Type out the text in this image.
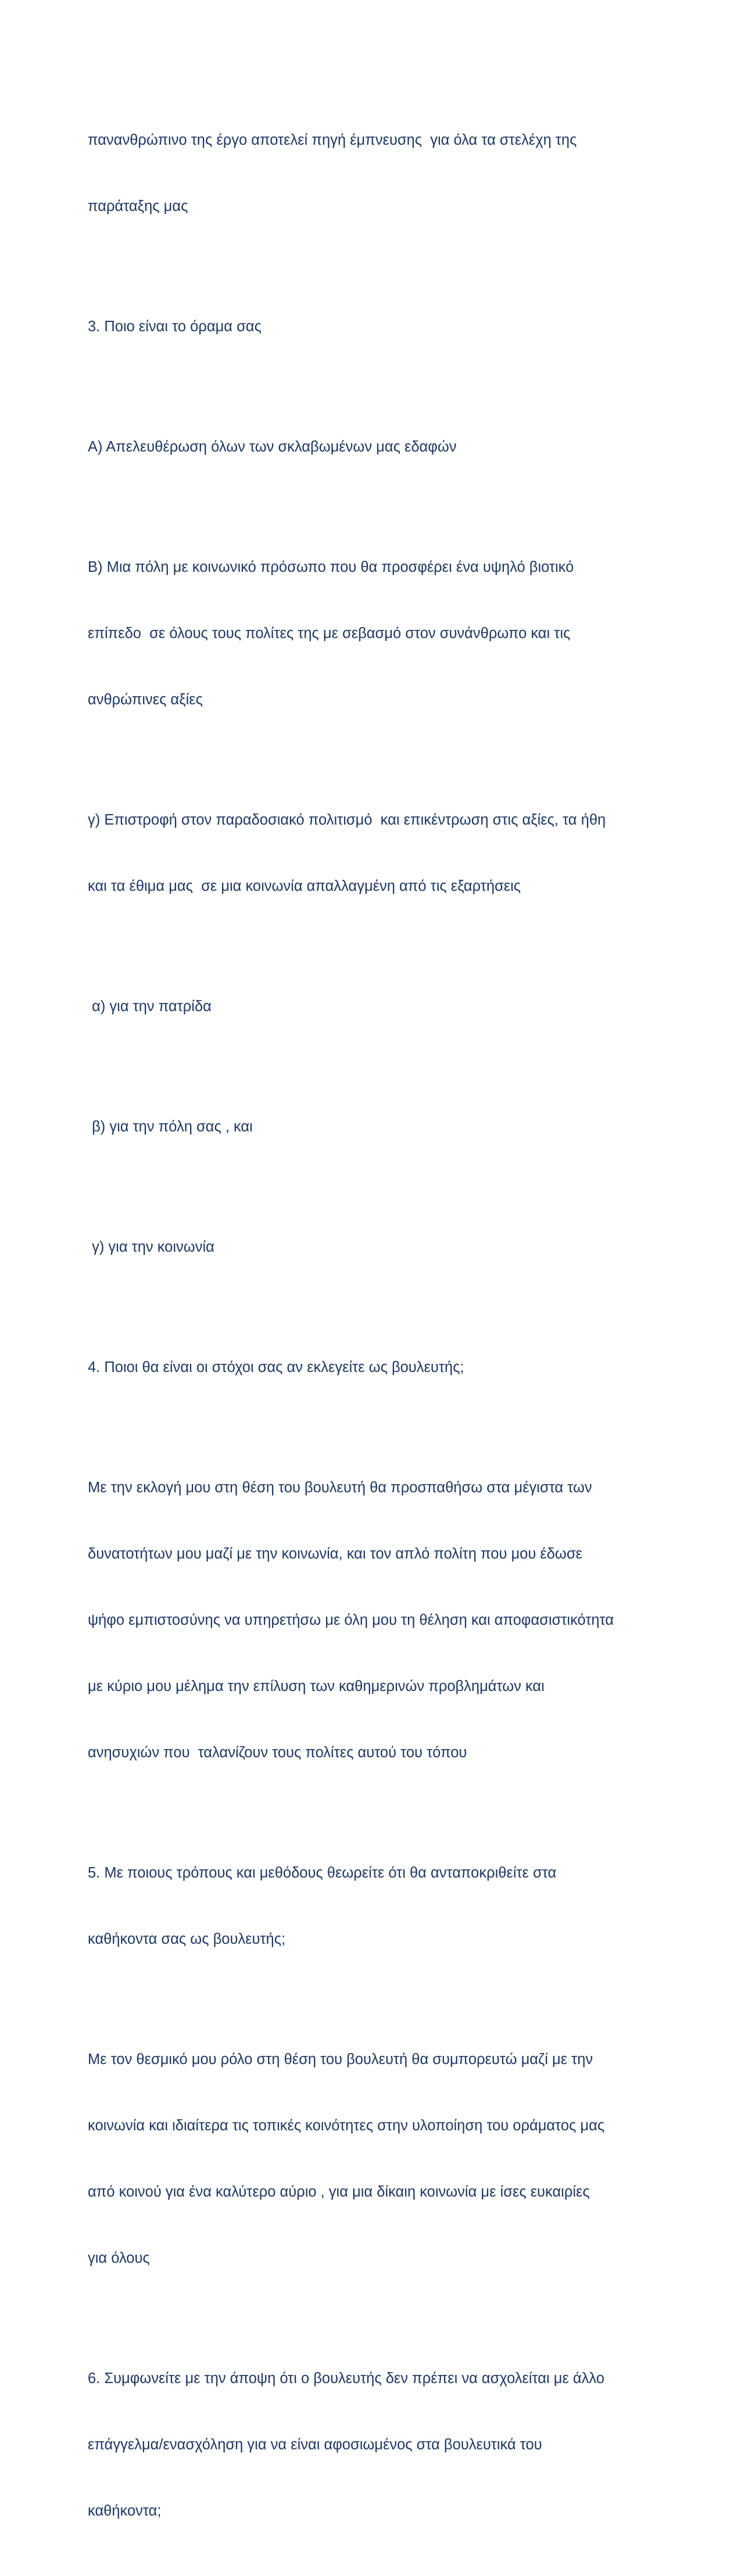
πανανθρώπινο της έργο αποτελεί πηγή έμπνευσης  για όλα τα στελέχη της

παράταξης μας

3. Ποιο είναι το όραμα σας

Α) Απελευθέρωση όλων των σκλαβωμένων μας εδαφών

Β) Μια πόλη με κοινωνικό πρόσωπο που θα προσφέρει ένα υψηλό βιοτικό

επίπεδο  σε όλους τους πολίτες της με σεβασμό στον συνάνθρωπο και τις

ανθρώπινες αξίες

γ) Επιστροφή στον παραδοσιακό πολιτισμό  και επικέντρωση στις αξίες, τα ήθη

και τα έθιμα μας  σε μια κοινωνία απαλλαγμένη από τις εξαρτήσεις

α) για την πατρίδα

β) για την πόλη σας , και

γ) για την κοινωνία

4. Ποιοι θα είναι οι στόχοι σας αν εκλεγείτε ως βουλευτής;

Με την εκλογή μου στη θέση του βουλευτή θα προσπαθήσω στα μέγιστα των

δυνατοτήτων μου μαζί με την κοινωνία, και τον απλό πολίτη που μου έδωσε

ψήφο εμπιστοσύνης να υπηρετήσω με όλη μου τη θέληση και αποφασιστικότητα

με κύριο μου μέλημα την επίλυση των καθημερινών προβλημάτων και

ανησυχιών που  ταλανίζουν τους πολίτες αυτού του τόπου

5. Με ποιους τρόπους και μεθόδους θεωρείτε ότι θα ανταποκριθείτε στα

καθήκοντα σας ως βουλευτής;

Με τον θεσμικό μου ρόλο στη θέση του βουλευτή θα συμπορευτώ μαζί με την

κοινωνία και ιδιαίτερα τις τοπικές κοινότητες στην υλοποίηση του οράματος μας

από κοινού για ένα καλύτερο αύριο , για μια δίκαιη κοινωνία με ίσες ευκαιρίες

για όλους

6. Συμφωνείτε με την άποψη ότι ο βουλευτής δεν πρέπει να ασχολείται με άλλο

επάγγελμα/ενασχόληση για να είναι αφοσιωμένος στα βουλευτικά του

καθήκοντα;
